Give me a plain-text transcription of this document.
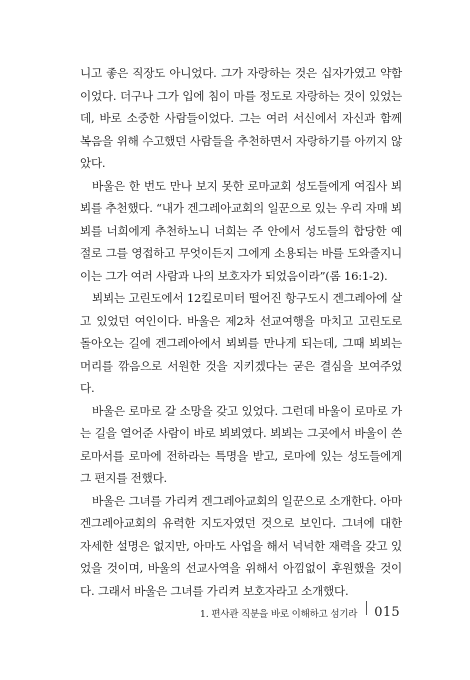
니고 좋은 직장도 아니었다. 그가 자랑하는 것은 십자가였고 약함이었다. 더구나 그가 입에 침이 마를 정도로 자랑하는 것이 있었는데, 바로 소중한 사람들이었다. 그는 여러 서신에서 자신과 함께 복음을 위해 수고했던 사람들을 추천하면서 자랑하기를 아끼지 않았다.

바울은 한 번도 만나 보지 못한 로마교회 성도들에게 여집사 뵈뵈를 추천했다. “내가 겐그레아교회의 일꾼으로 있는 우리 자매 뵈뵈를 너희에게 추천하노니 너희는 주 안에서 성도들의 합당한 예절로 그를 영접하고 무엇이든지 그에게 소용되는 바를 도와줄지니 이는 그가 여러 사람과 나의 보호자가 되었음이라”(롬 16:1-2).

뵈뵈는 고린도에서 12킬로미터 떨어진 항구도시 겐그레아에 살고 있었던 여인이다. 바울은 제2차 선교여행을 마치고 고린도로 돌아오는 길에 겐그레아에서 뵈뵈를 만나게 되는데, 그때 뵈뵈는 머리를 깎음으로 서원한 것을 지키겠다는 굳은 결심을 보여주었다.

바울은 로마로 갈 소망을 갖고 있었다. 그런데 바울이 로마로 가는 길을 열어준 사람이 바로 뵈뵈였다. 뵈뵈는 그곳에서 바울이 쓴 로마서를 로마에 전하라는 특명을 받고, 로마에 있는 성도들에게 그 편지를 전했다.

바울은 그녀를 가리켜 겐그레아교회의 일꾼으로 소개한다. 아마 겐그레아교회의 유력한 지도자였던 것으로 보인다. 그녀에 대한 자세한 설명은 없지만, 아마도 사업을 해서 넉넉한 재력을 갖고 있었을 것이며, 바울의 선교사역을 위해서 아낌없이 후원했을 것이다. 그래서 바울은 그녀를 가리켜 보호자라고 소개했다.

1. 편사관 직분을 바로 이해하고 섬기라 015
